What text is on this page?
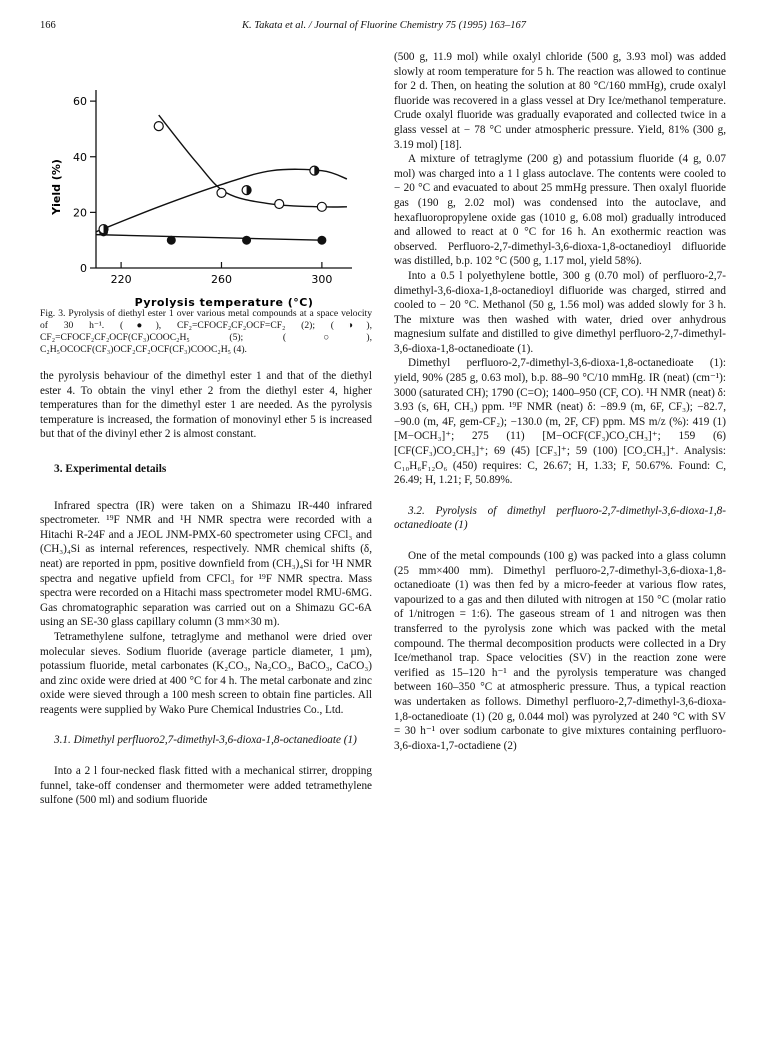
166	K. Takata et al. / Journal of Fluorine Chemistry 75 (1995) 163–167
0
20
40
60
220	260	300
Pyrolysis temperature (°C)
Yield (%)

Fig. 3. Pyrolysis of diethyl ester 1 over various metal compounds at a space velocity of 30 h⁻¹. (●), CF₂=CFOCF₂CF₂OCF=CF₂ (2); (◑), CF₂=CFOCF₂CF₂OCF(CF₃)COOC₂H₅ (5); (○), C₂H₅OCOCF(CF₃)OCF₂CF₂OCF(CF₃)COOC₂H₅ (4).

the pyrolysis behaviour of the dimethyl ester 1 and that of the diethyl ester 4. To obtain the vinyl ether 2 from the diethyl ester 4, higher temperatures than for the dimethyl ester 1 are needed. As the pyrolysis temperature is increased, the formation of monovinyl ether 5 is increased but that of the divinyl ether 2 is almost constant.

3. Experimental details

Infrared spectra (IR) were taken on a Shimazu IR-440 infrared spectrometer. ¹⁹F NMR and ¹H NMR spectra were recorded with a Hitachi R-24F and a JEOL JNM-PMX-60 spectrometer using CFCl₃ and (CH₃)₄Si as internal references, respectively. NMR chemical shifts (δ, neat) are reported in ppm, positive downfield from (CH₃)₄Si for ¹H NMR spectra and negative upfield from CFCl₃ for ¹⁹F NMR spectra. Mass spectra were recorded on a Hitachi mass spectrometer model RMU-6MG. Gas chromatographic separation was carried out on a Shimazu GC-6A using an SE-30 glass capillary column (3 mm×30 m).

Tetramethylene sulfone, tetraglyme and methanol were dried over molecular sieves. Sodium fluoride (average particle diameter, 1 µm), potassium fluoride, metal carbonates (K₂CO₃, Na₂CO₃, BaCO₃, CaCO₃) and zinc oxide were dried at 400 °C for 4 h. The metal carbonate and zinc oxide were sieved through a 100 mesh screen to obtain fine particles. All reagents were supplied by Wako Pure Chemical Industries Co., Ltd.

3.1. Dimethyl perfluoro2,7-dimethyl-3,6-dioxa-1,8-octanedioate (1)

Into a 2 l four-necked flask fitted with a mechanical stirrer, dropping funnel, take-off condenser and thermometer were added tetramethylene sulfone (500 ml) and sodium fluoride

(500 g, 11.9 mol) while oxalyl chloride (500 g, 3.93 mol) was added slowly at room temperature for 5 h. The reaction was allowed to continue for 2 d. Then, on heating the solution at 80 °C/160 mmHg), crude oxalyl fluoride was recovered in a glass vessel at Dry Ice/methanol temperature. Crude oxalyl fluoride was gradually evaporated and collected twice in a glass vessel at − 78 °C under atmospheric pressure. Yield, 81% (300 g, 3.19 mol) [18].

A mixture of tetraglyme (200 g) and potassium fluoride (4 g, 0.07 mol) was charged into a 1 l glass autoclave. The contents were cooled to − 20 °C and evacuated to about 25 mmHg pressure. Then oxalyl fluoride gas (190 g, 2.02 mol) was condensed into the autoclave, and hexafluoropropylene oxide gas (1010 g, 6.08 mol) gradually introduced and allowed to react at 0 °C for 16 h. An exothermic reaction was observed. Perfluoro-2,7-dimethyl-3,6-dioxa-1,8-octanedioyl difluoride was distilled, b.p. 102 °C (500 g, 1.17 mol, yield 58%).

Into a 0.5 l polyethylene bottle, 300 g (0.70 mol) of perfluoro-2,7-dimethyl-3,6-dioxa-1,8-octanedioyl difluoride was charged, stirred and cooled to − 20 °C. Methanol (50 g, 1.56 mol) was added slowly for 3 h. The mixture was then washed with water, dried over anhydrous magnesium sulfate and distilled to give dimethyl perfluoro-2,7-dimethyl-3,6-dioxa-1,8-octanedioate (1).

Dimethyl perfluoro-2,7-dimethyl-3,6-dioxa-1,8-octanedioate (1): yield, 90% (285 g, 0.63 mol), b.p. 88–90 °C/10 mmHg. IR (neat) (cm⁻¹): 3000 (saturated CH); 1790 (C=O); 1400–950 (CF, CO). ¹H NMR (neat) δ: 3.93 (s, 6H, CH₃) ppm. ¹⁹F NMR (neat) δ: −89.9 (m, 6F, CF₃); −82.7, −90.0 (m, 4F, gem-CF₂); −130.0 (m, 2F, CF) ppm. MS m/z (%): 419 (1) [M−OCH₃]⁺; 275 (11) [M−OCF(CF₃)CO₂CH₃]⁺; 159 (6) [CF(CF₃)CO₂CH₃]⁺; 69 (45) [CF₃]⁺; 59 (100) [CO₂CH₃]⁺. Analysis: C₁₀H₆F₁₂O₆ (450) requires: C, 26.67; H, 1.33; F, 50.67%. Found: C, 26.49; H, 1.21; F, 50.89%.

3.2. Pyrolysis of dimethyl perfluoro-2,7-dimethyl-3,6-dioxa-1,8-octanedioate (1)

One of the metal compounds (100 g) was packed into a glass column (25 mm×400 mm). Dimethyl perfluoro-2,7-dimethyl-3,6-dioxa-1,8-octanedioate (1) was then fed by a micro-feeder at various flow rates, vapourized to a gas and then diluted with nitrogen at 150 °C (molar ratio of 1/nitrogen = 1:6). The gaseous stream of 1 and nitrogen was then transferred to the pyrolysis zone which was packed with the metal compound. The thermal decomposition products were collected in a Dry Ice/methanol trap. Space velocities (SV) in the reaction zone were verified as 15–120 h⁻¹ and the pyrolysis temperature was changed between 160–350 °C at atmospheric pressure. Thus, a typical reaction was undertaken as follows. Dimethyl perfluoro-2,7-dimethyl-3,6-dioxa-1,8-octanedioate (1) (20 g, 0.044 mol) was pyrolyzed at 240 °C with SV = 30 h⁻¹ over sodium carbonate to give mixtures containing perfluoro-3,6-dioxa-1,7-octadiene (2)
